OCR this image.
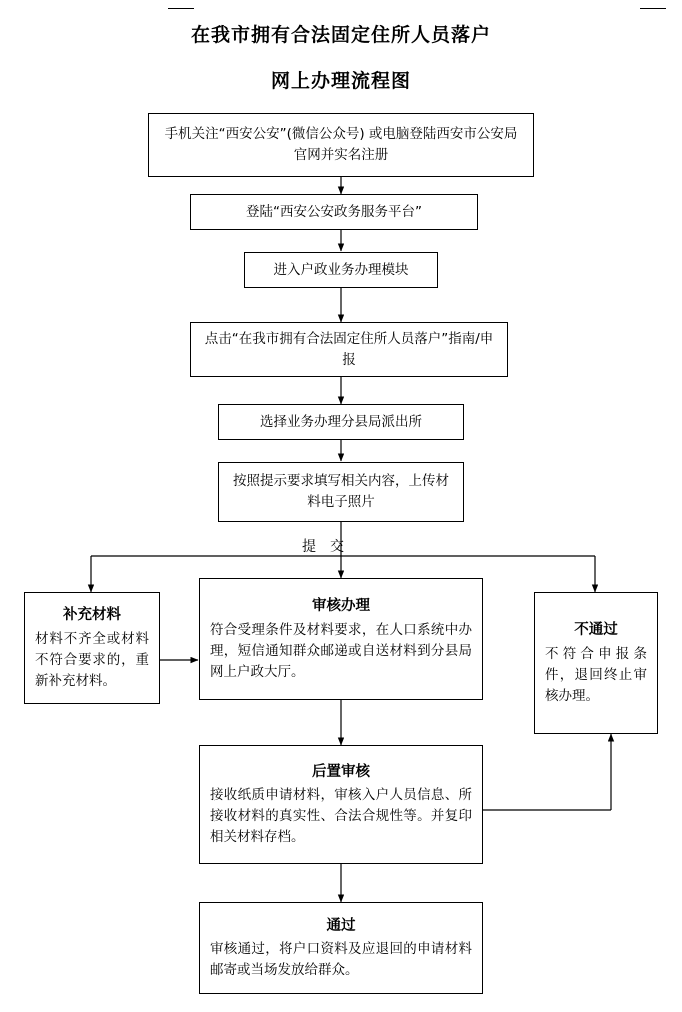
在我市拥有合法固定住所人员落户
网上办理流程图
手机关注“西安公安”(微信公众号) 或电脑登陆西安市公安局官网并实名注册
登陆“西安公安政务服务平台”
进入户政业务办理模块
点击“在我市拥有合法固定住所人员落户”指南/申报
选择业务办理分县局派出所
按照提示要求填写相关内容，上传材料电子照片
提　交
补充材料
材料不齐全或材料不符合要求的，重新补充材料。
审核办理
符合受理条件及材料要求，在人口系统中办理，短信通知群众邮递或自送材料到分县局网上户政大厅。
不通过
不符合申报条件，退回终止审核办理。
后置审核
接收纸质申请材料，审核入户人员信息、所接收材料的真实性、合法合规性等。并复印相关材料存档。
通过
审核通过，将户口资料及应退回的申请材料邮寄或当场发放给群众。
